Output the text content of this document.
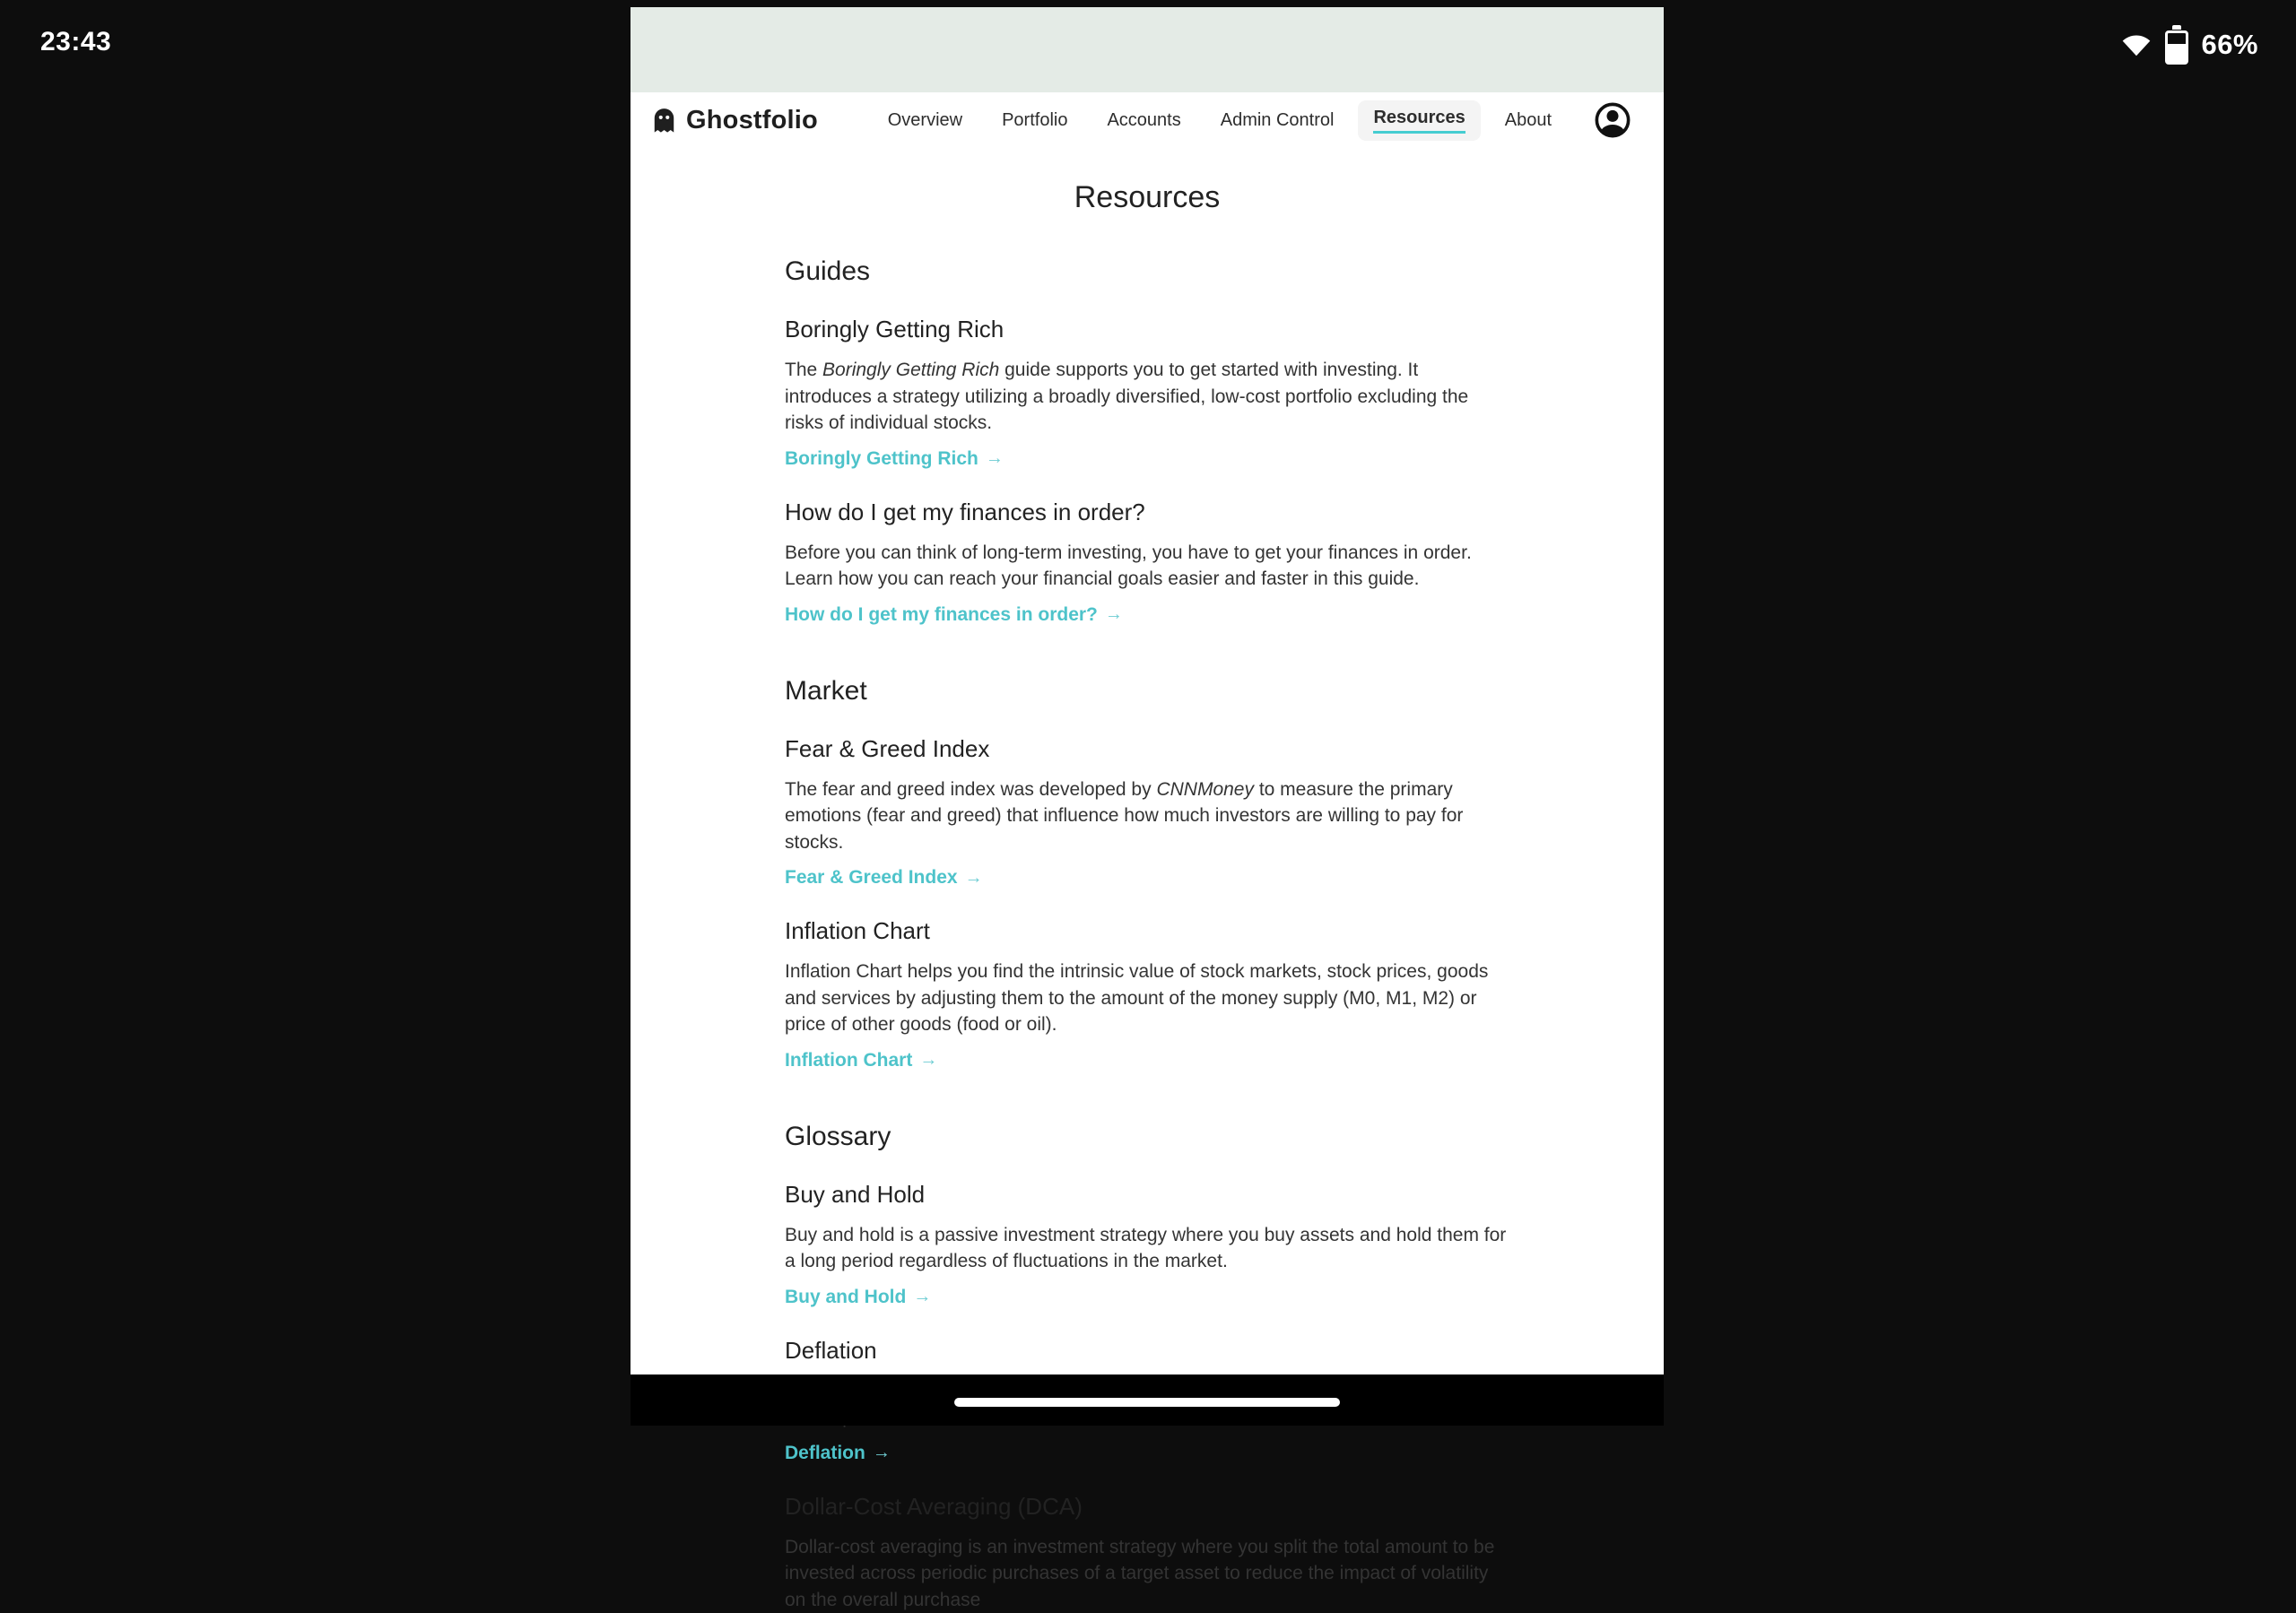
23:43	66%
Ghostfolio	Overview	Portfolio	Accounts	Admin Control	Resources	About
Resources
Guides
Boringly Getting Rich

The Boringly Getting Rich guide supports you to get started with investing. It introduces a strategy utilizing a broadly diversified, low-cost portfolio excluding the risks of individual stocks.

Boringly Getting Rich →
How do I get my finances in order?

Before you can think of long-term investing, you have to get your finances in order. Learn how you can reach your financial goals easier and faster in this guide.

How do I get my finances in order? →
Market
Fear & Greed Index

The fear and greed index was developed by CNNMoney to measure the primary emotions (fear and greed) that influence how much investors are willing to pay for stocks.

Fear & Greed Index →
Inflation Chart

Inflation Chart helps you find the intrinsic value of stock markets, stock prices, goods and services by adjusting them to the amount of the money supply (M0, M1, M2) or price of other goods (food or oil).

Inflation Chart →
Glossary
Buy and Hold

Buy and hold is a passive investment strategy where you buy assets and hold them for a long period regardless of fluctuations in the market.

Buy and Hold →
Deflation

Deflation →
Dollar-Cost Averaging (DCA)

Dollar-cost averaging is an investment strategy where you split the total amount to be invested across periodic purchases of a target asset to reduce the impact of volatility on the overall purchase
